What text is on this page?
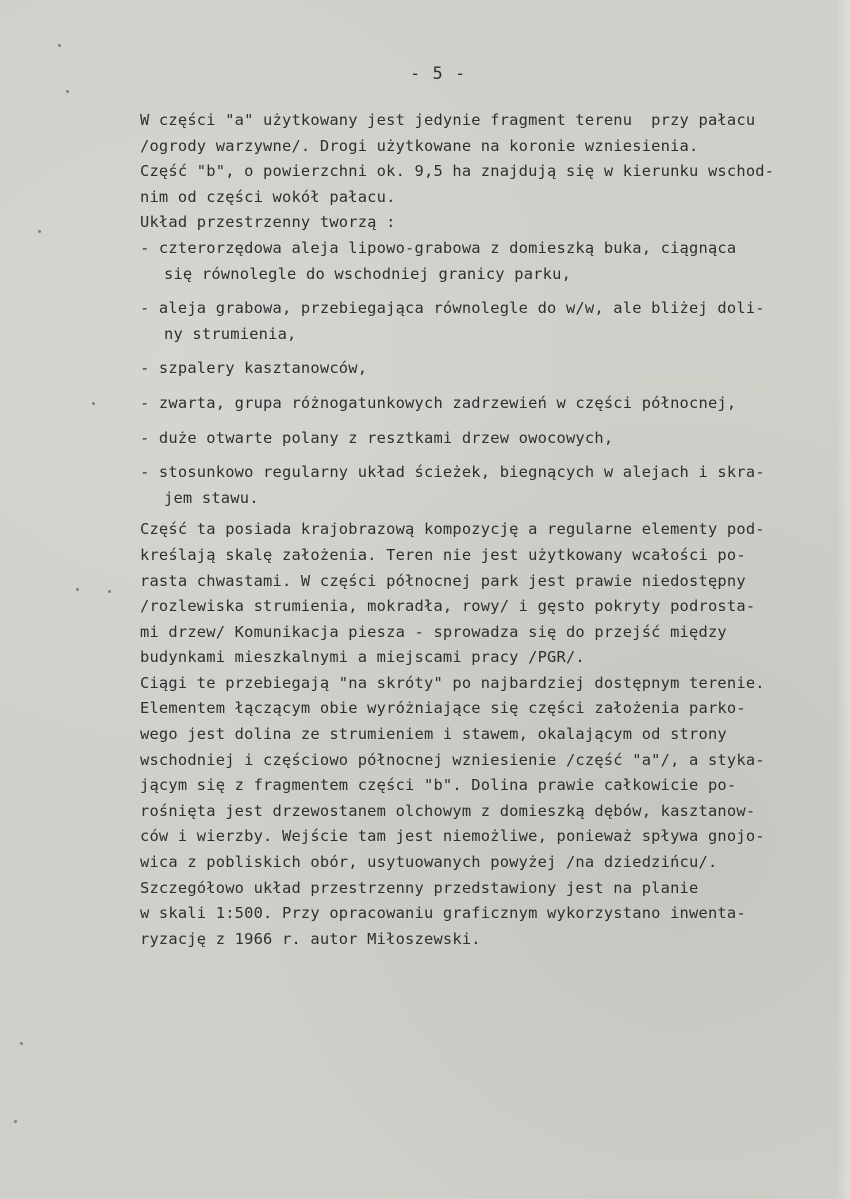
- 5 -
W części "a" użytkowany jest jedynie fragment terenu  przy pałacu
/ogrody warzywne/. Drogi użytkowane na koronie wzniesienia.
Część "b", o powierzchni ok. 9,5 ha znajdują się w kierunku wschod-
nim od części wokół pałacu.
Układ przestrzenny tworzą :
- czterorzędowa aleja lipowo-grabowa z domieszką buka, ciągnąca
się równolegle do wschodniej granicy parku,
- aleja grabowa, przebiegająca równolegle do w/w, ale bliżej doli-
ny strumienia,
- szpalery kasztanowców,
- zwarta, grupa różnogatunkowych zadrzewień w części północnej,
- duże otwarte polany z resztkami drzew owocowych,
- stosunkowo regularny układ ścieżek, biegnących w alejach i skra-
jem stawu.
Część ta posiada krajobrazową kompozycję a regularne elementy pod-
kreślają skalę założenia. Teren nie jest użytkowany wcałości po-
rasta chwastami. W części północnej park jest prawie niedostępny
/rozlewiska strumienia, mokradła, rowy/ i gęsto pokryty podrosta-
mi drzew/ Komunikacja piesza - sprowadza się do przejść między
budynkami mieszkalnymi a miejscami pracy /PGR/.
Ciągi te przebiegają "na skróty" po najbardziej dostępnym terenie.
Elementem łączącym obie wyróżniające się części założenia parko-
wego jest dolina ze strumieniem i stawem, okalającym od strony
wschodniej i częściowo północnej wzniesienie /część "a"/, a styka-
jącym się z fragmentem części "b". Dolina prawie całkowicie po-
rośnięta jest drzewostanem olchowym z domieszką dębów, kasztanow-
ców i wierzby. Wejście tam jest niemożliwe, ponieważ spływa gnojo-
wica z pobliskich obór, usytuowanych powyżej /na dziedzińcu/.
Szczegółowo układ przestrzenny przedstawiony jest na planie
w skali 1:500. Przy opracowaniu graficznym wykorzystano inwenta-
ryzację z 1966 r. autor Miłoszewski.
